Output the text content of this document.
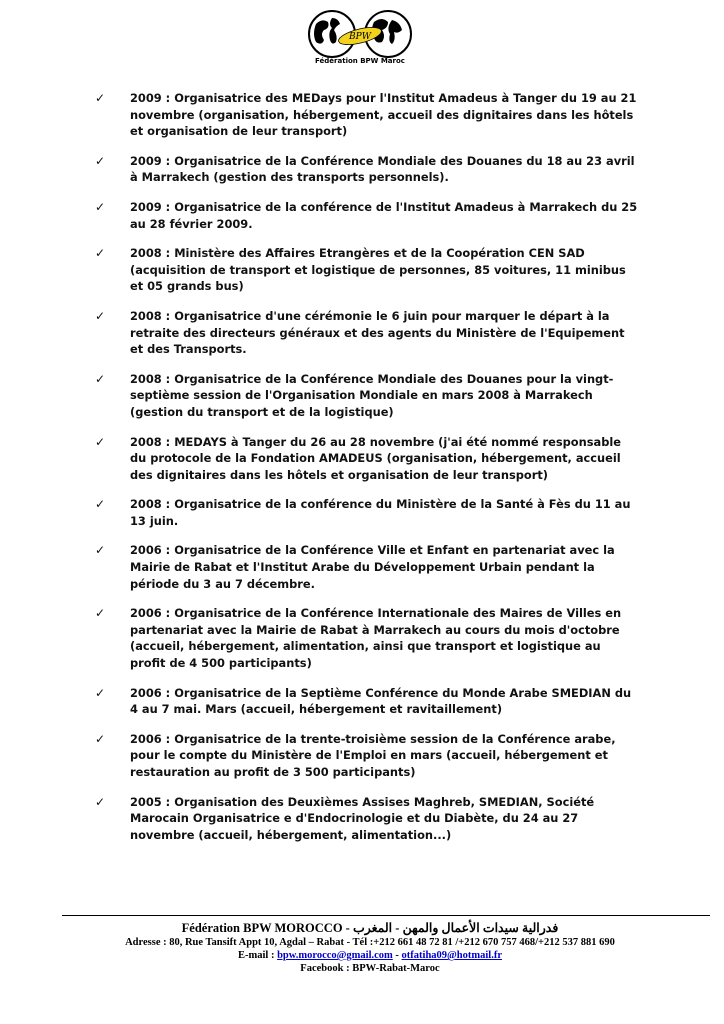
BPW
Fédération BPW Maroc
✓ 2009 : Organisatrice des MEDays pour l'Institut Amadeus à Tanger du 19 au 21 novembre (organisation, hébergement, accueil des dignitaires dans les hôtels et organisation de leur transport)
✓ 2009 : Organisatrice de la Conférence Mondiale des Douanes du 18 au 23 avril à Marrakech (gestion des transports personnels).
✓ 2009 : Organisatrice de la conférence de l'Institut Amadeus à Marrakech du 25 au 28 février 2009.
✓ 2008 : Ministère des Affaires Etrangères et de la Coopération CEN SAD (acquisition de transport et logistique de personnes, 85 voitures, 11 minibus et 05 grands bus)
✓ 2008 : Organisatrice d'une cérémonie le 6 juin pour marquer le départ à la retraite des directeurs généraux et des agents du Ministère de l'Equipement et des Transports.
✓ 2008 : Organisatrice de la Conférence Mondiale des Douanes pour la vingt-septième session de l'Organisation Mondiale en mars 2008 à Marrakech (gestion du transport et de la logistique)
✓ 2008 : MEDAYS à Tanger du 26 au 28 novembre (j'ai été nommé responsable du protocole de la Fondation AMADEUS (organisation, hébergement, accueil des dignitaires dans les hôtels et organisation de leur transport)
✓ 2008 : Organisatrice de la conférence du Ministère de la Santé à Fès du 11 au 13 juin.
✓ 2006 : Organisatrice de la Conférence Ville et Enfant en partenariat avec la Mairie de Rabat et l'Institut Arabe du Développement Urbain pendant la période du 3 au 7 décembre.
✓ 2006 : Organisatrice de la Conférence Internationale des Maires de Villes en partenariat avec la Mairie de Rabat à Marrakech au cours du mois d'octobre (accueil, hébergement, alimentation, ainsi que transport et logistique au profit de 4 500 participants)
✓ 2006 : Organisatrice de la Septième Conférence du Monde Arabe SMEDIAN du 4 au 7 mai. Mars (accueil, hébergement et ravitaillement)
✓ 2006 : Organisatrice de la trente-troisième session de la Conférence arabe, pour le compte du Ministère de l'Emploi en mars (accueil, hébergement et restauration au profit de 3 500 participants)
✓ 2005 : Organisation des Deuxièmes Assises Maghreb, SMEDIAN, Société Marocain Organisatrice e d'Endocrinologie et du Diabète, du 24 au 27 novembre (accueil, hébergement, alimentation...)
Fédération BPW MOROCCO - فدرالية سيدات الأعمال والمهن - المغرب
Adresse : 80, Rue Tansift Appt 10, Agdal – Rabat - Tél :+212 661 48 72 81 /+212 670 757 468/+212 537 881 690
E-mail : bpw.morocco@gmail.com - otfatiha09@hotmail.fr
Facebook : BPW-Rabat-Maroc
